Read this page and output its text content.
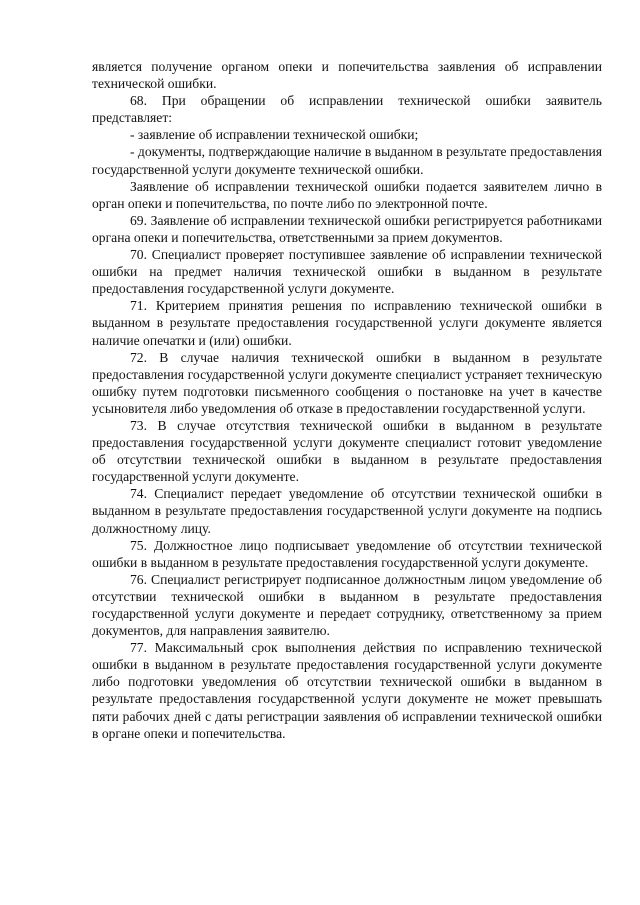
является получение органом опеки и попечительства заявления об исправлении технической ошибки.

68. При обращении об исправлении технической ошибки заявитель представляет:

- заявление об исправлении технической ошибки;

- документы, подтверждающие наличие в выданном в результате предоставления государственной услуги документе технической ошибки.

Заявление об исправлении технической ошибки подается заявителем лично в орган опеки и попечительства, по почте либо по электронной почте.

69. Заявление об исправлении технической ошибки регистрируется работниками органа опеки и попечительства, ответственными за прием документов.

70. Специалист проверяет поступившее заявление об исправлении технической ошибки на предмет наличия технической ошибки в выданном в результате предоставления государственной услуги документе.

71. Критерием принятия решения по исправлению технической ошибки в выданном в результате предоставления государственной услуги документе является наличие опечатки и (или) ошибки.

72. В случае наличия технической ошибки в выданном в результате предоставления государственной услуги документе специалист устраняет техническую ошибку путем подготовки письменного сообщения о постановке на учет в качестве усыновителя либо уведомления об отказе в предоставлении государственной услуги.

73. В случае отсутствия технической ошибки в выданном в результате предоставления государственной услуги документе специалист готовит уведомление об отсутствии технической ошибки в выданном в результате предоставления государственной услуги документе.

74. Специалист передает уведомление об отсутствии технической ошибки в выданном в результате предоставления государственной услуги документе на подпись должностному лицу.

75. Должностное лицо подписывает уведомление об отсутствии технической ошибки в выданном в результате предоставления государственной услуги документе.

76. Специалист регистрирует подписанное должностным лицом уведомление об отсутствии технической ошибки в выданном в результате предоставления государственной услуги документе и передает сотруднику, ответственному за прием документов, для направления заявителю.

77. Максимальный срок выполнения действия по исправлению технической ошибки в выданном в результате предоставления государственной услуги документе либо подготовки уведомления об отсутствии технической ошибки в выданном в результате предоставления государственной услуги документе не может превышать пяти рабочих дней с даты регистрации заявления об исправлении технической ошибки в органе опеки и попечительства.
